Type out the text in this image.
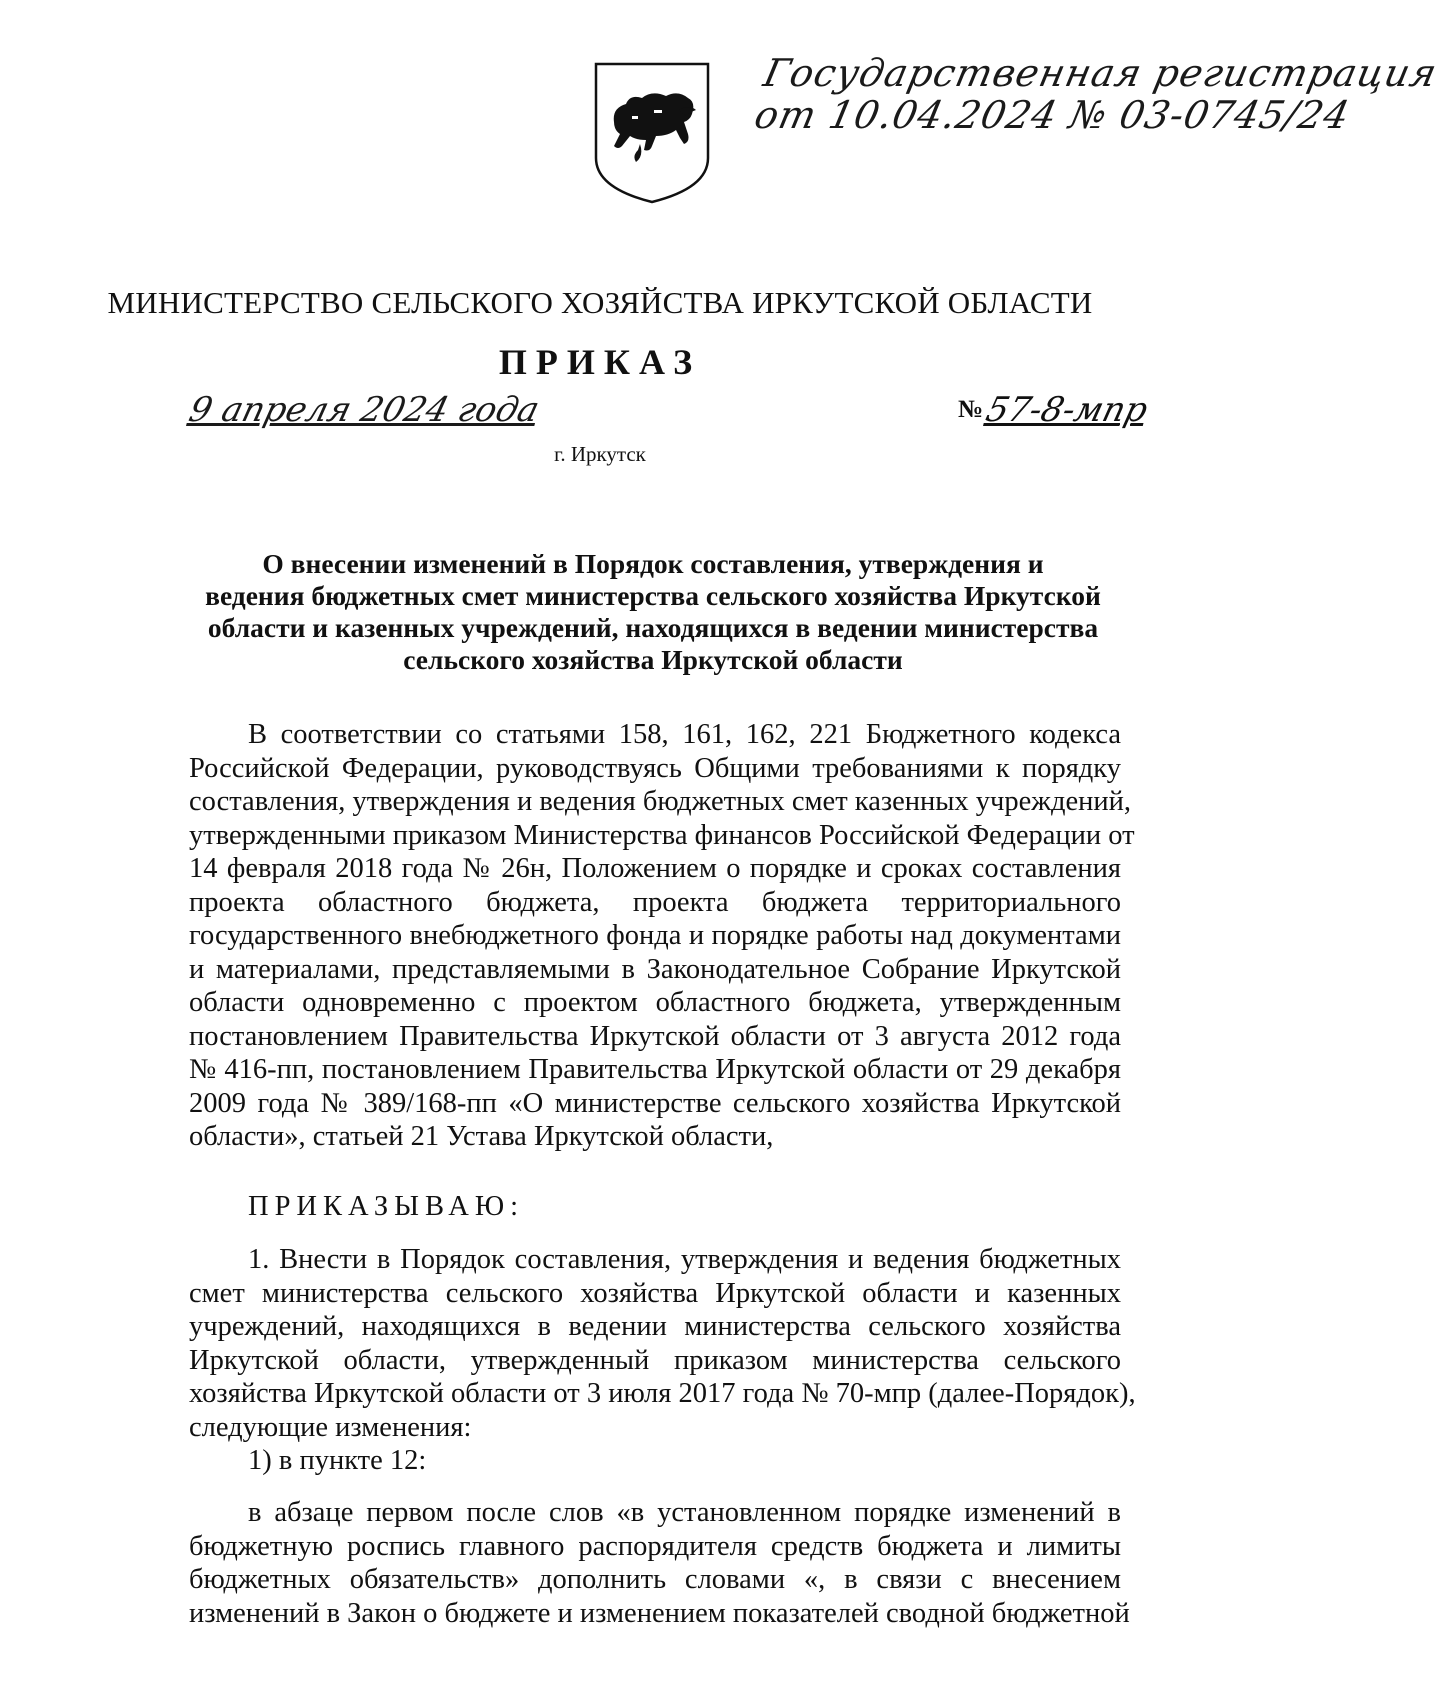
Государственная регистрация
от 10.04.2024 № 03-0745/24
МИНИСТЕРСТВО СЕЛЬСКОГО ХОЗЯЙСТВА ИРКУТСКОЙ ОБЛАСТИ
ПРИКАЗ
9 апреля 2024 года	№ 57-8-мпр
г. Иркутск
О внесении изменений в Порядок составления, утверждения и
ведения бюджетных смет министерства сельского хозяйства Иркутской
области и казенных учреждений, находящихся в ведении министерства
сельского хозяйства Иркутской области
В соответствии со статьями 158, 161, 162, 221 Бюджетного кодекса
Российской Федерации, руководствуясь Общими требованиями к порядку
составления, утверждения и ведения бюджетных смет казенных учреждений,
утвержденными приказом Министерства финансов Российской Федерации от
14 февраля 2018 года № 26н, Положением о порядке и сроках составления
проекта областного бюджета, проекта бюджета территориального
государственного внебюджетного фонда и порядке работы над документами
и материалами, представляемыми в Законодательное Собрание Иркутской
области одновременно с проектом областного бюджета, утвержденным
постановлением Правительства Иркутской области от 3 августа 2012 года
№ 416-пп, постановлением Правительства Иркутской области от 29 декабря
2009 года № 389/168-пп «О министерстве сельского хозяйства Иркутской
области», статьей 21 Устава Иркутской области,
ПРИКАЗЫВАЮ:
1. Внести в Порядок составления, утверждения и ведения бюджетных
смет министерства сельского хозяйства Иркутской области и казенных
учреждений, находящихся в ведении министерства сельского хозяйства
Иркутской области, утвержденный приказом министерства сельского
хозяйства Иркутской области от 3 июля 2017 года № 70-мпр (далее-Порядок),
следующие изменения:
1) в пункте 12:
в абзаце первом после слов «в установленном порядке изменений в
бюджетную роспись главного распорядителя средств бюджета и лимиты
бюджетных обязательств» дополнить словами «, в связи с внесением
изменений в Закон о бюджете и изменением показателей сводной бюджетной
